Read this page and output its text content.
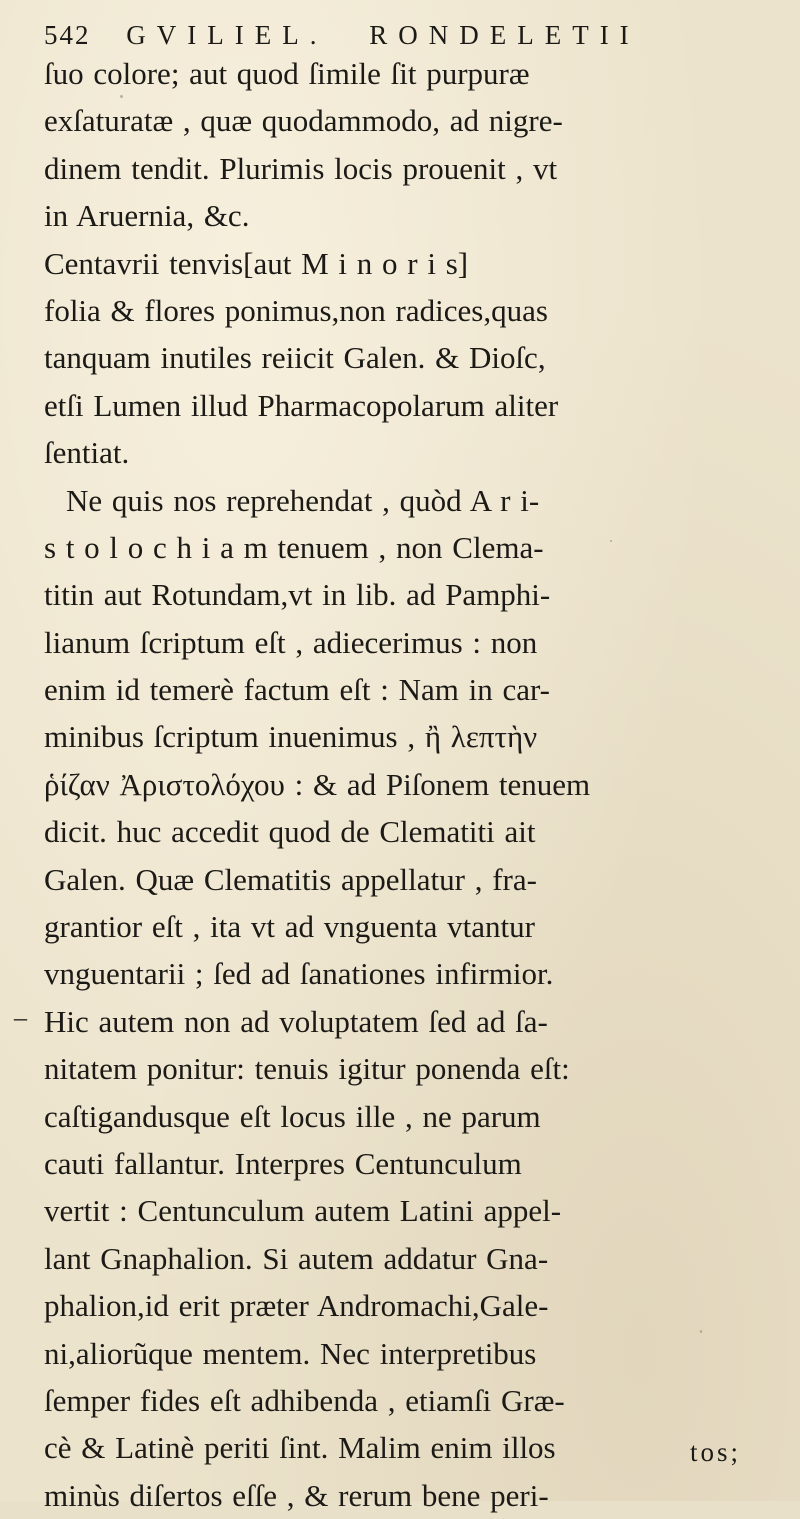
542 GVILIEL. RONDELETII
ſuo colore; aut quod ſimile ſit purpuræ
exſaturatæ , quæ quodammodo, ad nigre-
dinem tendit. Plurimis locis prouenit , vt
in Aruernia, &c.
Centavrii tenvis[aut M i n o r i s]
folia & flores ponimus,non radices,quas
tanquam inutiles reiicit Galen. & Dioſc,
etſi Lumen illud Pharmacopolarum aliter
ſentiat.
Ne quis nos reprehendat , quòd A r i-
s t o l o c h i a m tenuem , non Clema-
titin aut Rotundam,vt in lib. ad Pamphi-
lianum ſcriptum eſt , adiecerimus : non
enim id temerè factum eſt : Nam in car-
minibus ſcriptum inuenimus , ἢ λεπτὴν
ῥίζαν Ἀριστολόχου : & ad Piſonem tenuem
dicit. huc accedit quod de Clematiti ait
Galen. Quæ Clematitis appellatur , fra-
grantior eſt , ita vt ad vnguenta vtantur
vnguentarii ; ſed ad ſanationes infirmior.
Hic autem non ad voluptatem ſed ad ſa-
nitatem ponitur: tenuis igitur ponenda eſt:
caſtigandusque eſt locus ille , ne parum
cauti fallantur. Interpres Centunculum
vertit : Centunculum autem Latini appel-
lant Gnaphalion. Si autem addatur Gna-
phalion,id erit præter Andromachi,Gale-
ni,aliorũque mentem. Nec interpretibus
ſemper fides eſt adhibenda , etiamſi Græ-
cè & Latinè periti ſint. Malim enim illos
minùs diſertos eſſe , & rerum bene peri-
–
tos;
